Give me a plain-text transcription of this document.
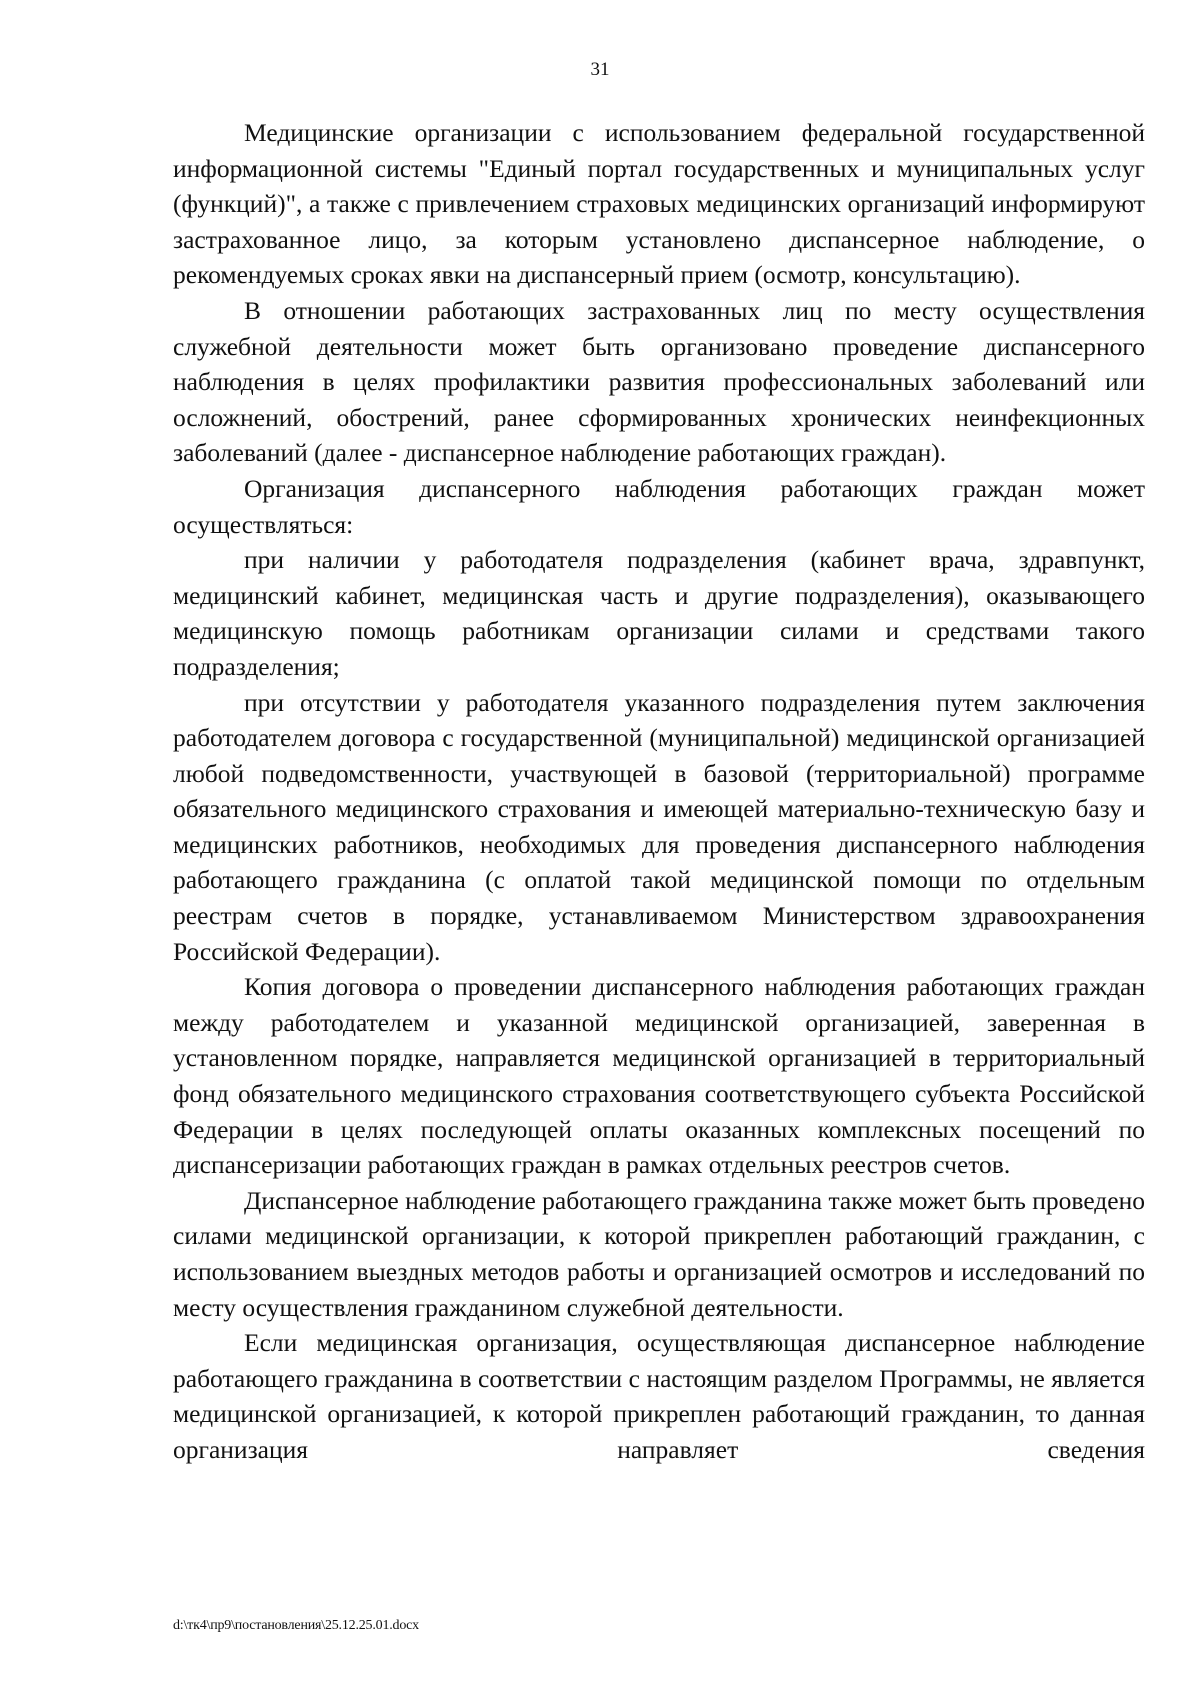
31

Медицинские организации с использованием федеральной государственной информационной системы "Единый портал государственных и муниципальных услуг (функций)", а также с привлечением страховых медицинских организаций информируют застрахованное лицо, за которым установлено диспансерное наблюдение, о рекомендуемых сроках явки на диспансерный прием (осмотр, консультацию).

В отношении работающих застрахованных лиц по месту осуществления служебной деятельности может быть организовано проведение диспансерного наблюдения в целях профилактики развития профессиональных заболеваний или осложнений, обострений, ранее сформированных хронических неинфекционных заболеваний (далее - диспансерное наблюдение работающих граждан).

Организация диспансерного наблюдения работающих граждан может осуществляться:

при наличии у работодателя подразделения (кабинет врача, здравпункт, медицинский кабинет, медицинская часть и другие подразделения), оказывающего медицинскую помощь работникам организации силами и средствами такого подразделения;

при отсутствии у работодателя указанного подразделения путем заключения работодателем договора с государственной (муниципальной) медицинской организацией любой подведомственности, участвующей в базовой (территориальной) программе обязательного медицинского страхования и имеющей материально-техническую базу и медицинских работников, необходимых для проведения диспансерного наблюдения работающего гражданина (с оплатой такой медицинской помощи по отдельным реестрам счетов в порядке, устанавливаемом Министерством здравоохранения Российской Федерации).

Копия договора о проведении диспансерного наблюдения работающих граждан между работодателем и указанной медицинской организацией, заверенная в установленном порядке, направляется медицинской организацией в территориальный фонд обязательного медицинского страхования соответствующего субъекта Российской Федерации в целях последующей оплаты оказанных комплексных посещений по диспансеризации работающих граждан в рамках отдельных реестров счетов.

Диспансерное наблюдение работающего гражданина также может быть проведено силами медицинской организации, к которой прикреплен работающий гражданин, с использованием выездных методов работы и организацией осмотров и исследований по месту осуществления гражданином служебной деятельности.

Если медицинская организация, осуществляющая диспансерное наблюдение работающего гражданина в соответствии с настоящим разделом Программы, не является медицинской организацией, к которой прикреплен работающий гражданин, то данная организация направляет сведения

d:\тк4\пр9\постановления\25.12.25.01.docx
